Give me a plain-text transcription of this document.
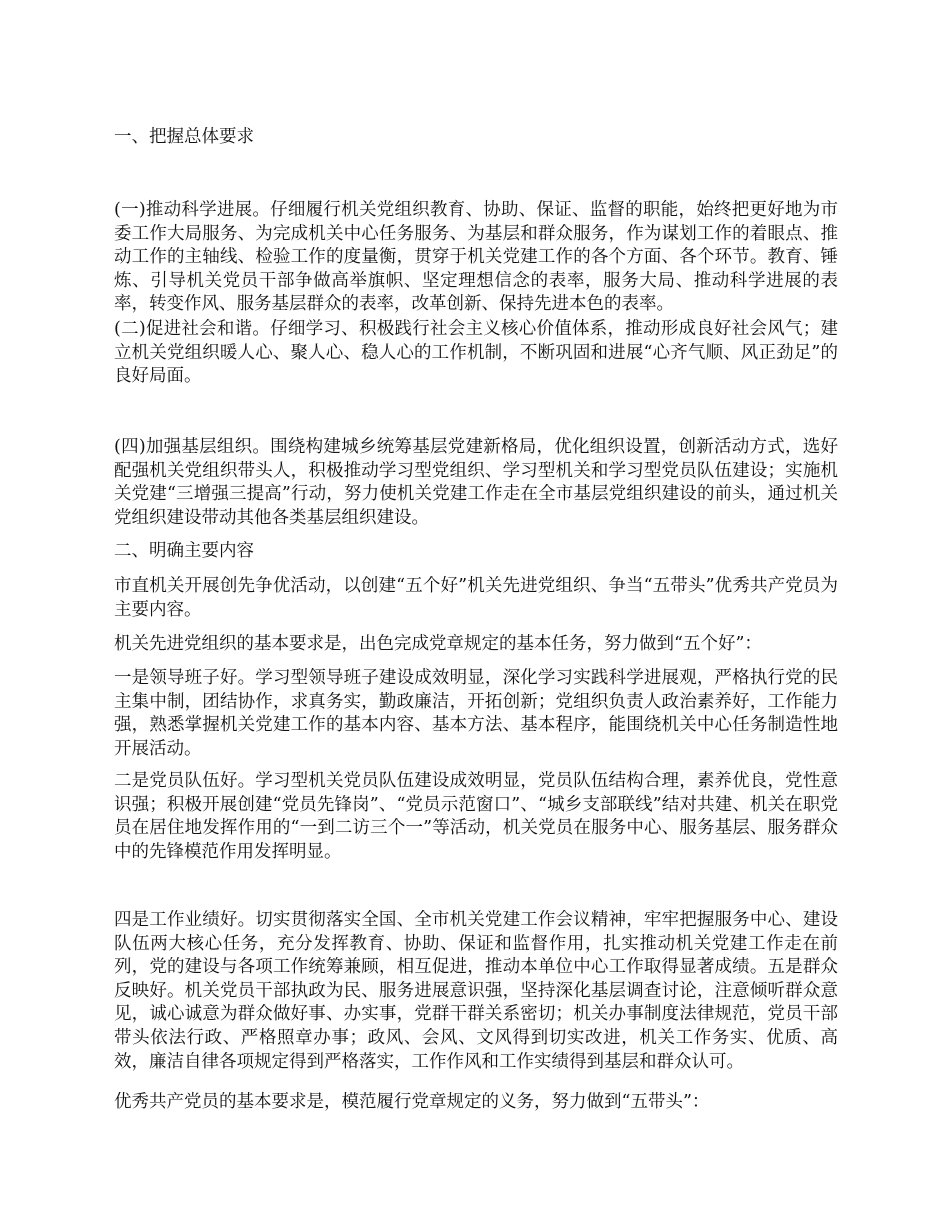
一、把握总体要求

(一)推动科学进展。仔细履行机关党组织教育、协助、保证、监督的职能，始终把更好地为市委工作大局服务、为完成机关中心任务服务、为基层和群众服务，作为谋划工作的着眼点、推动工作的主轴线、检验工作的度量衡，贯穿于机关党建工作的各个方面、各个环节。教育、锤炼、引导机关党员干部争做高举旗帜、坚定理想信念的表率，服务大局、推动科学进展的表率，转变作风、服务基层群众的表率，改革创新、保持先进本色的表率。

(二)促进社会和谐。仔细学习、积极践行社会主义核心价值体系，推动形成良好社会风气；建立机关党组织暖人心、聚人心、稳人心的工作机制，不断巩固和进展“心齐气顺、风正劲足”的良好局面。

(四)加强基层组织。围绕构建城乡统筹基层党建新格局，优化组织设置，创新活动方式，选好配强机关党组织带头人，积极推动学习型党组织、学习型机关和学习型党员队伍建设；实施机关党建“三增强三提高”行动，努力使机关党建工作走在全市基层党组织建设的前头，通过机关党组织建设带动其他各类基层组织建设。

二、明确主要内容

市直机关开展创先争优活动，以创建“五个好”机关先进党组织、争当“五带头”优秀共产党员为主要内容。

机关先进党组织的基本要求是，出色完成党章规定的基本任务，努力做到“五个好”：

一是领导班子好。学习型领导班子建设成效明显，深化学习实践科学进展观，严格执行党的民主集中制，团结协作，求真务实，勤政廉洁，开拓创新；党组织负责人政治素养好，工作能力强，熟悉掌握机关党建工作的基本内容、基本方法、基本程序，能围绕机关中心任务制造性地开展活动。

二是党员队伍好。学习型机关党员队伍建设成效明显，党员队伍结构合理，素养优良，党性意识强；积极开展创建“党员先锋岗”、“党员示范窗口”、“城乡支部联线”结对共建、机关在职党员在居住地发挥作用的“一到二访三个一”等活动，机关党员在服务中心、服务基层、服务群众中的先锋模范作用发挥明显。

四是工作业绩好。切实贯彻落实全国、全市机关党建工作会议精神，牢牢把握服务中心、建设队伍两大核心任务，充分发挥教育、协助、保证和监督作用，扎实推动机关党建工作走在前列，党的建设与各项工作统筹兼顾，相互促进，推动本单位中心工作取得显著成绩。五是群众反映好。机关党员干部执政为民、服务进展意识强，坚持深化基层调查讨论，注意倾听群众意见，诚心诚意为群众做好事、办实事，党群干群关系密切；机关办事制度法律规范，党员干部带头依法行政、严格照章办事；政风、会风、文风得到切实改进，机关工作务实、优质、高效，廉洁自律各项规定得到严格落实，工作作风和工作实绩得到基层和群众认可。

优秀共产党员的基本要求是，模范履行党章规定的义务，努力做到“五带头”：
